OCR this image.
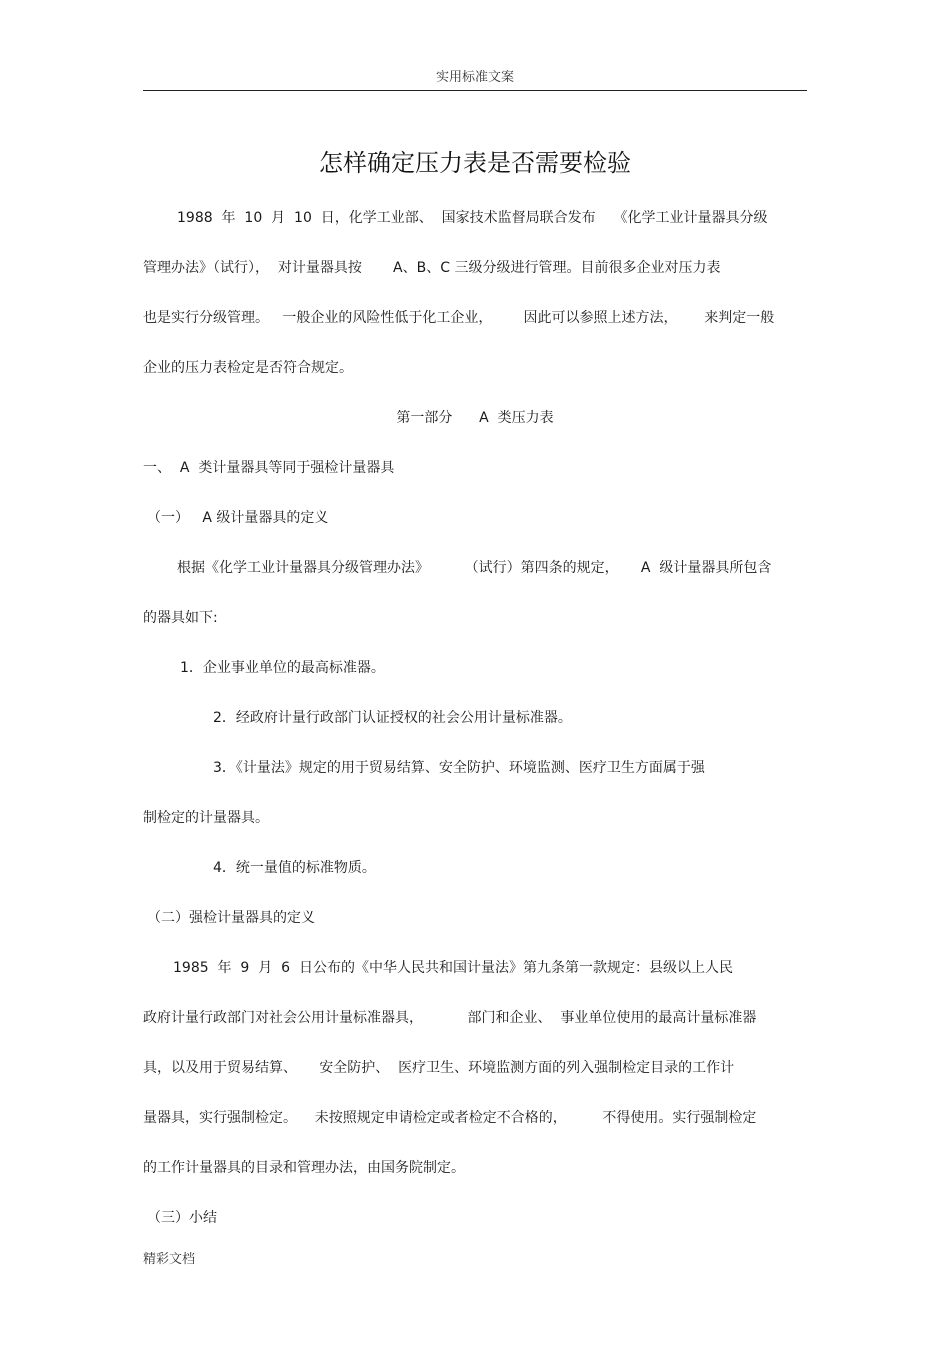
实用标准文案
怎样确定压力表是否需要检验
1988  年  10  月  10  日，化学工业部、  国家技术监督局联合发布    《化学工业计量器具分级
管理办法》（试行），  对计量器具按       A、B、C 三级分级进行管理。目前很多企业对压力表
也是实行分级管理。   一般企业的风险性低于化工企业，       因此可以参照上述方法，      来判定一般
企业的压力表检定是否符合规定。
第一部分      A  类压力表
一、  A  类计量器具等同于强检计量器具
（一）   A 级计量器具的定义
根据《化学工业计量器具分级管理办法》        （试行）第四条的规定，     A  级计量器具所包含
的器具如下:
1．企业事业单位的最高标准器。
2．经政府计量行政部门认证授权的社会公用计量标准器。
3．《计量法》规定的用于贸易结算、安全防护、环境监测、医疗卫生方面属于强
制检定的计量器具。
4．统一量值的标准物质。
（二）强检计量器具的定义
1985  年  9  月  6  日公布的《中华人民共和国计量法》第九条第一款规定：县级以上人民
政府计量行政部门对社会公用计量标准器具，          部门和企业、  事业单位使用的最高计量标准器
具，以及用于贸易结算、     安全防护、  医疗卫生、环境监测方面的列入强制检定目录的工作计
量器具，实行强制检定。    未按照规定申请检定或者检定不合格的，        不得使用。实行强制检定
的工作计量器具的目录和管理办法，由国务院制定。
（三）小结
精彩文档
